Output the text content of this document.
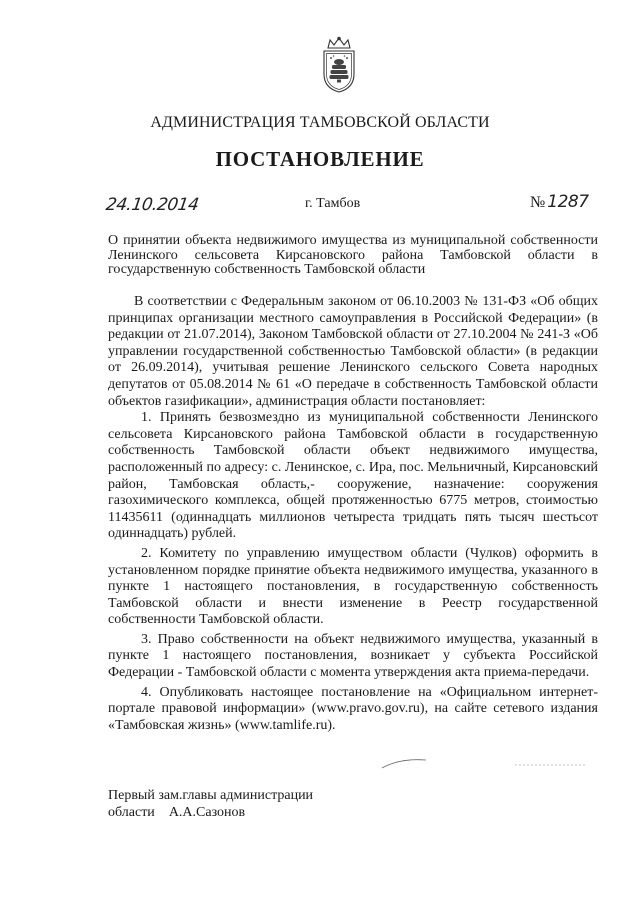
АДМИНИСТРАЦИЯ ТАМБОВСКОЙ ОБЛАСТИ
ПОСТАНОВЛЕНИЕ
24.10.2014	г. Тамбов	№ 1287
О принятии объекта недвижимого имущества из муниципальной собственности Ленинского сельсовета Кирсановского района Тамбовской области в государственную собственность Тамбовской области

В соответствии с Федеральным законом от 06.10.2003 № 131-ФЗ «Об общих принципах организации местного самоуправления в Российской Федерации» (в редакции от 21.07.2014), Законом Тамбовской области от 27.10.2004 № 241-З «Об управлении государственной собственностью Тамбовской области» (в редакции от 26.09.2014), учитывая решение Ленинского сельского Совета народных депутатов от 05.08.2014 № 61 «О передаче в собственность Тамбовской области объектов газификации», администрация области постановляет:

1. Принять безвозмездно из муниципальной собственности Ленинского сельсовета Кирсановского района Тамбовской области в государственную собственность Тамбовской области объект недвижимого имущества, расположенный по адресу: с. Ленинское, с. Ира, пос. Мельничный, Кирсановский район, Тамбовская область,- сооружение, назначение: сооружения газохимического комплекса, общей протяженностью 6775 метров, стоимостью 11435611 (одиннадцать миллионов четыреста тридцать пять тысяч шестьсот одиннадцать) рублей.

2. Комитету по управлению имуществом области (Чулков) оформить в установленном порядке принятие объекта недвижимого имущества, указанного в пункте 1 настоящего постановления, в государственную собственность Тамбовской области и внести изменение в Реестр государственной собственности Тамбовской области.

3. Право собственности на объект недвижимого имущества, указанный в пункте 1 настоящего постановления, возникает у субъекта Российской Федерации - Тамбовской области с момента утверждения акта приема-передачи.

4. Опубликовать настоящее постановление на «Официальном интернет-портале правовой информации» (www.pravo.gov.ru), на сайте сетевого издания «Тамбовская жизнь» (www.tamlife.ru).

Первый зам.главы администрации
области А.А.Сазонов
